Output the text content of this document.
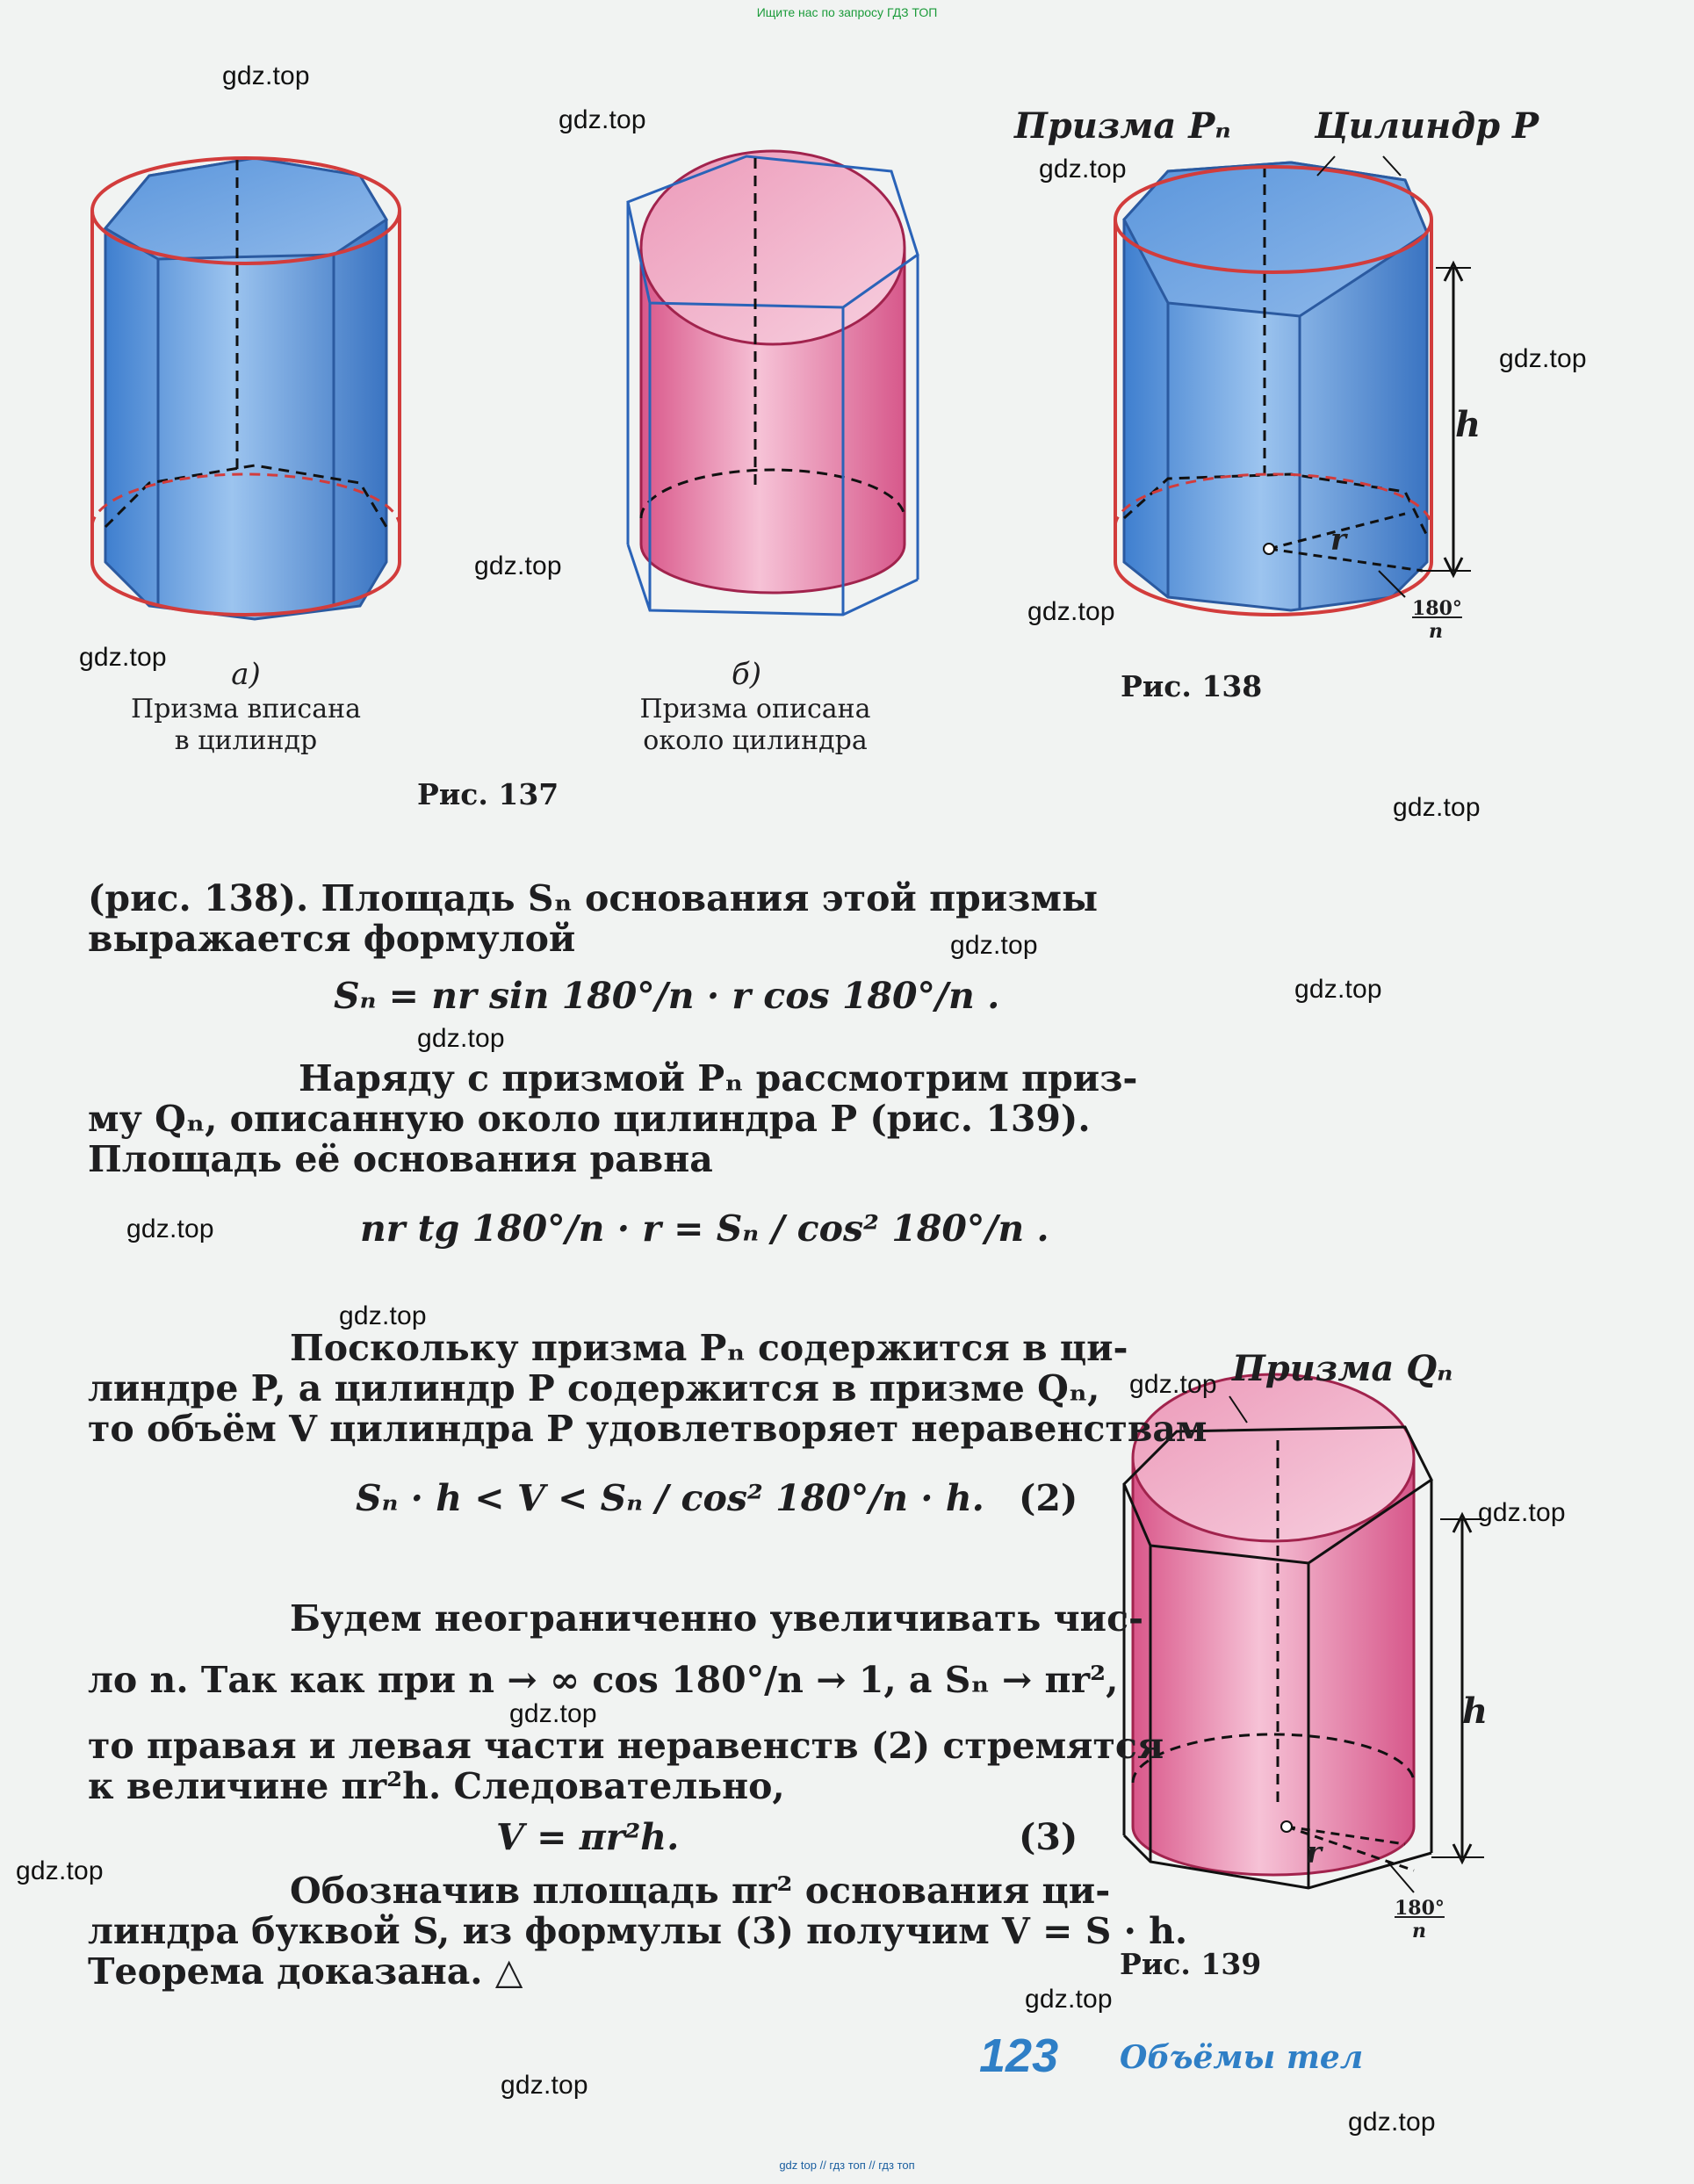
Ищите нас по запросу ГДЗ ТОП
а)
Призма вписана
в цилиндр
б)
Призма описана
около цилиндра
Рис. 137
Призма Pₙ Цилиндр P
h
r
180°
n
Рис. 138
Призма Qₙ
h
r
180°
n
Рис. 139
(рис. 138). Площадь Sₙ основания этой призмы
выражается формулой
Sₙ = nr sin 180°/n · r cos 180°/n .
Наряду с призмой Pₙ рассмотрим приз-
му Qₙ, описанную около цилиндра P (рис. 139).
Площадь её основания равна
nr tg 180°/n · r = Sₙ / cos² 180°/n .
Поскольку призма Pₙ содержится в ци-
линдре P, а цилиндр P содержится в призме Qₙ,
то объём V цилиндра P удовлетворяет неравенствам
Sₙ · h < V < Sₙ / cos² 180°/n · h. (2)
Будем неограниченно увеличивать чис-
ло n. Так как при n → ∞ cos 180°/n → 1, а Sₙ → πr²,
то правая и левая части неравенств (2) стремятся
к величине πr²h. Следовательно,
V = πr²h.	(3)
Обозначив площадь πr² основания ци-
линдра буквой S, из формулы (3) получим V = S · h.
Теорема доказана. △
123 Объёмы тел
gdz.top
gdz.top
gdz.top
gdz.top
gdz.top
gdz.top
gdz.top
gdz.top
gdz.top
gdz.top
gdz.top
gdz.top
gdz.top
gdz.top
gdz.top
gdz.top
gdz.top
gdz.top
gdz.top
gdz.top
gdz top // гдз топ // гдз топ
